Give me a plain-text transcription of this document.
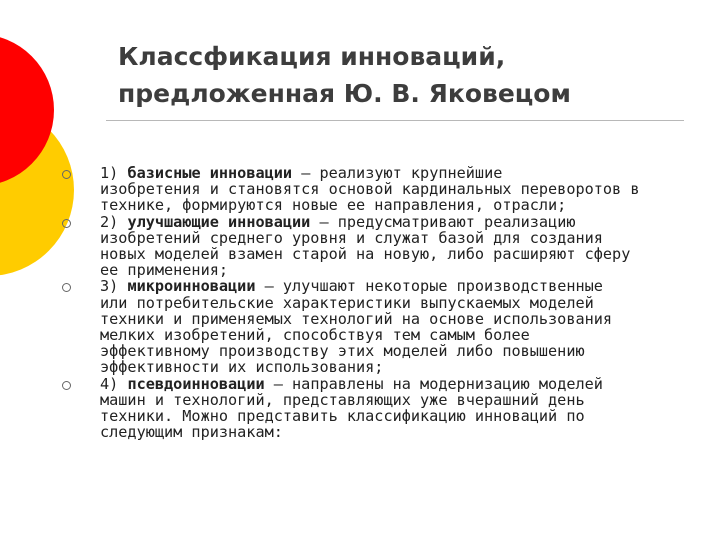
Классфикация инноваций,
предложенная Ю. В. Яковецом
1) базисные инновации – реализуют крупнейшие
изобретения и становятся основой кардинальных переворотов в
технике, формируются новые ее направления, отрасли;
2) улучшающие инновации – предусматривают реализацию
изобретений среднего уровня и служат базой для создания
новых моделей взамен старой на новую, либо расширяют сферу
ее применения;
3) микроинновации – улучшают некоторые производственные
или потребительские характеристики выпускаемых моделей
техники и применяемых технологий на основе использования
мелких изобретений, способствуя тем самым более
эффективному производству этих моделей либо повышению
эффективности их использования;
4) псевдоинновации – направлены на модернизацию моделей
машин и технологий, представляющих уже вчерашний день
техники. Можно представить классификацию инноваций по
следующим признакам:
